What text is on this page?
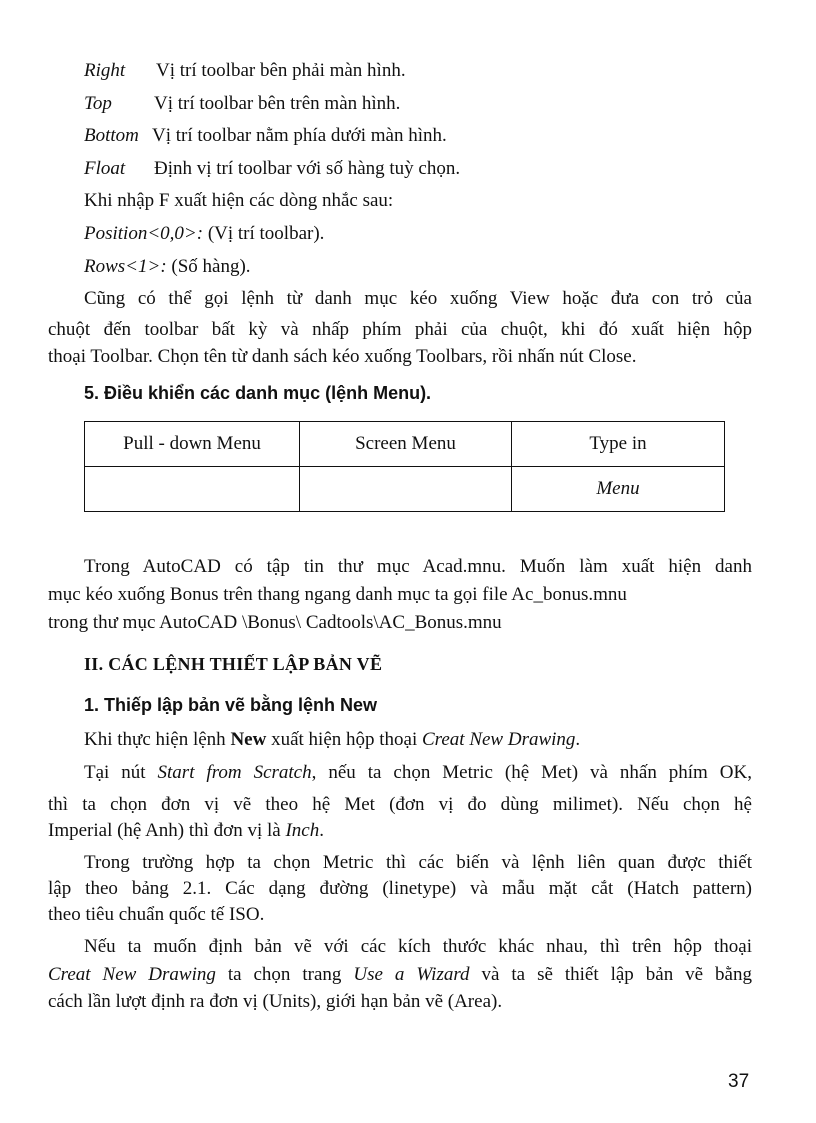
Right Vị trí toolbar bên phải màn hình.
Top Vị trí toolbar bên trên màn hình.
Bottom Vị trí toolbar nằm phía dưới màn hình.
Float Định vị trí toolbar với số hàng tuỳ chọn.
Khi nhập F xuất hiện các dòng nhắc sau:
Position<0,0>: (Vị trí toolbar).
Rows<1>: (Số hàng).
Cũng có thể gọi lệnh từ danh mục kéo xuống View hoặc đưa con trỏ của
chuột đến toolbar bất kỳ và nhấp phím phải của chuột, khi đó xuất hiện hộp
thoại Toolbar. Chọn tên từ danh sách kéo xuống Toolbars, rồi nhấn nút Close.
5. Điều khiển các danh mục (lệnh Menu).
Pull - down Menu	Screen Menu	Type in
		Menu
Trong AutoCAD có tập tin thư mục Acad.mnu. Muốn làm xuất hiện danh
mục kéo xuống Bonus trên thang ngang danh mục ta gọi file Ac_bonus.mnu
trong thư mục AutoCAD \Bonus\ Cadtools\AC_Bonus.mnu
II. CÁC LỆNH THIẾT LẬP BẢN VẼ
1. Thiếp lập bản vẽ bằng lệnh New
Khi thực hiện lệnh New xuất hiện hộp thoại Creat New Drawing.
Tại nút Start from Scratch, nếu ta chọn Metric (hệ Met) và nhấn phím OK,
thì ta chọn đơn vị vẽ theo hệ Met (đơn vị đo dùng milimet). Nếu chọn hệ
Imperial (hệ Anh) thì đơn vị là Inch.
Trong trường hợp ta chọn Metric thì các biến và lệnh liên quan được thiết
lập theo bảng 2.1. Các dạng đường (linetype) và mẫu mặt cắt (Hatch pattern)
theo tiêu chuẩn quốc tế ISO.
Nếu ta muốn định bản vẽ với các kích thước khác nhau, thì trên hộp thoại
Creat New Drawing ta chọn trang Use a Wizard và ta sẽ thiết lập bản vẽ bằng
cách lần lượt định ra đơn vị (Units), giới hạn bản vẽ (Area).
37
